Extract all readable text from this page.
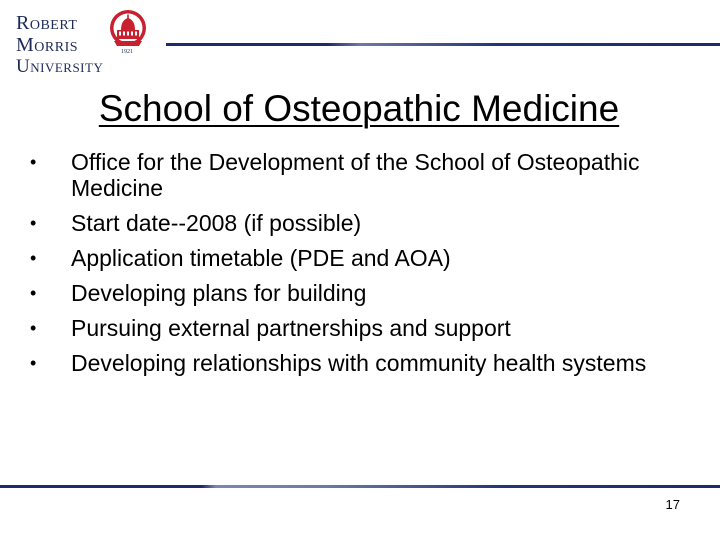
Robert
Morris
University
1921
School of Osteopathic Medicine
•	Office for the Development of the School of Osteopathic Medicine
•	Start date--2008 (if possible)
•	Application timetable (PDE and AOA)
•	Developing plans for building
•	Pursuing external partnerships and support
•	Developing relationships with community health systems
17
